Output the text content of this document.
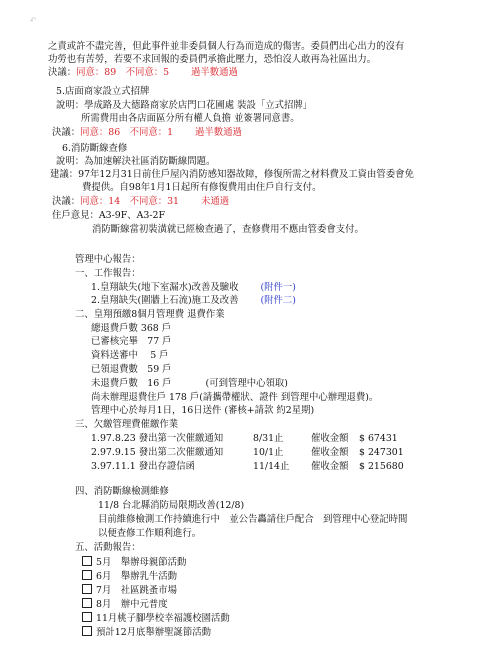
↶
之責或許不盡完善，但此事件並非委員個人行為而造成的傷害。委員們出心出力的沒有
功勞也有苦勞，若要不求回報的委員們承擔此壓力，恐怕沒人敢再為社區出力。
決議：同意：89　不同意：5 過半數通過
5.店面商家設立式招牌
說明：學成路及大德路商家於店門口花圃處 裝設「立式招牌」
所需費用由各店面區分所有權人負擔 並簽署同意書。
決議：同意：86　不同意：1 過半數通過
6.消防斷線查修
說明：為加速解決社區消防斷線問題。
建議：97年12月31日前住戶屋內消防感知器故障，修復所需之材料費及工資由管委會免
費提供。自98年1月1日起所有修復費用由住戶自行支付。
決議：同意：14　不同意：31 未通過
住戶意見：A3-9F、A3-2F
消防斷線當初裝潢就已經檢查過了，查修費用不應由管委會支付。
管理中心報告：
一、工作報告：
1.皇翔缺失(地下室漏水)改善及驗收 (附件一)
2.皇翔缺失(圍牆上石流)施工及改善 (附件二)
二、皇翔預繳8個月管理費 退費作業
總退費戶數 368 戶
已審核完畢　77 戶
資料送審中　 5 戶
已領退費數　59 戶
未退費戶數　16 戶	(可到管理中心領取)
尚未辦理退費住戶 178 戶(請攜帶權狀、證件 到管理中心辦理退費)。
管理中心於每月1日，16日送件 (審核+請款 約2星期)
三、欠繳管理費催繳作業
1.97.8.23 發出第一次催繳通知	8/31止	催收金額 $ 67431
2.97.9.15 發出第二次催繳通知	10/1止	催收金額 $ 247301
3.97.11.1 發出存證信函	11/14止 催收金額 $ 215680
四、消防斷線檢測維修
11/8 台北縣消防局限期改善(12/8)
目前維修檢測工作持續進行中　並公告轟請住戶配合　到管理中心登記時間
以便查修工作順利進行。
五、活動報告：
5月　舉辦母親節活動
6月　舉辦乳牛活動
7月　社區跳蚤市場
8月　辦中元普度
11月桃子腳學校幸福護校園活動
預計12月底舉辦聖誕節活動
